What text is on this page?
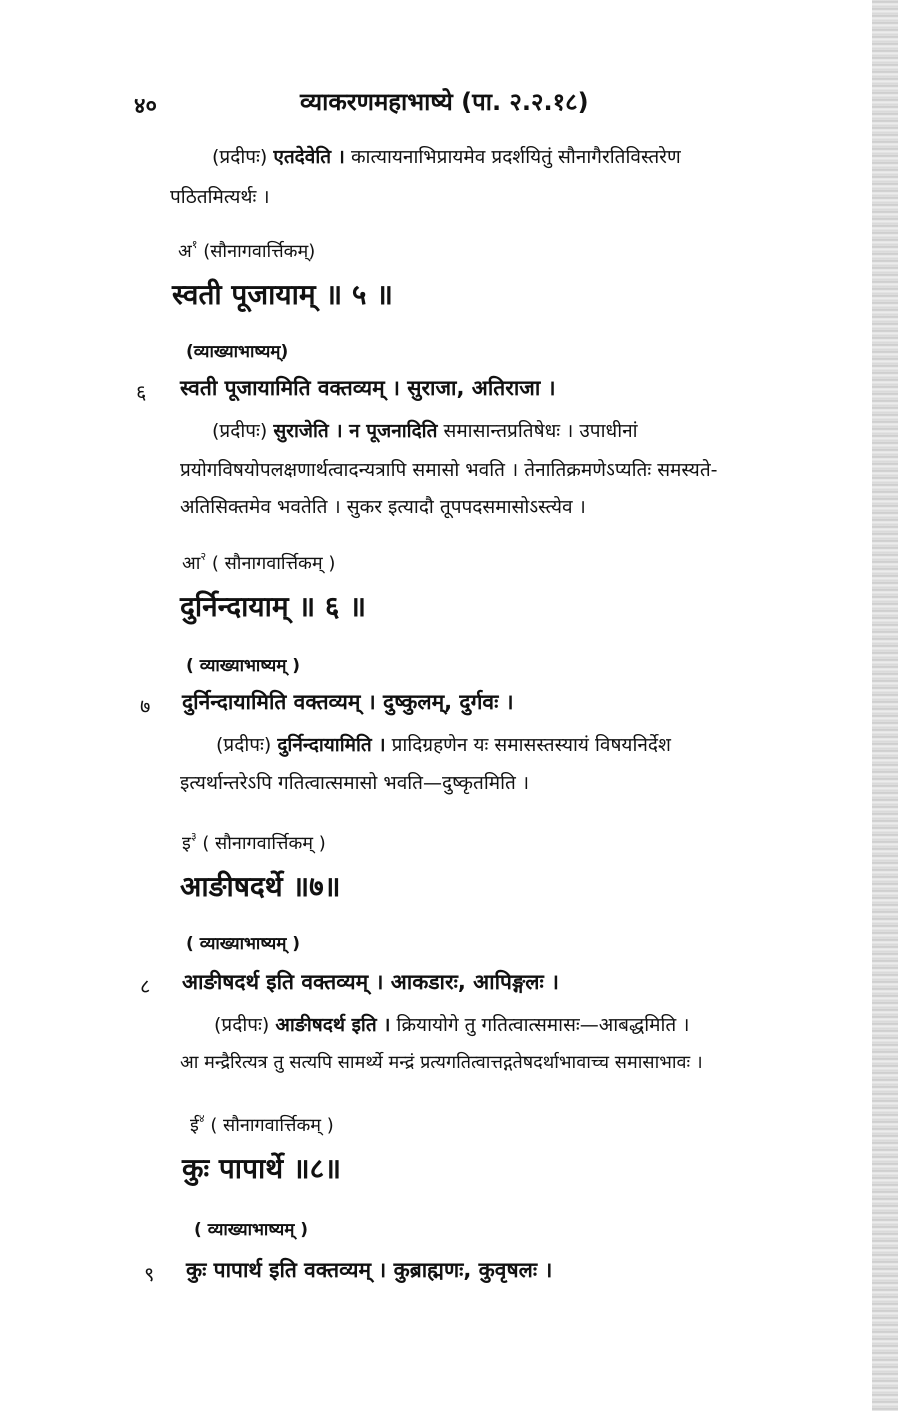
४०	व्याकरणमहाभाष्ये (पा. २.२.१८)
(प्रदीपः) एतदेवेति । कात्यायनाभिप्रायमेव प्रदर्शयितुं सौनागैरतिविस्तरेण
पठितमित्यर्थः ।
अ$^१$ (सौनागवार्त्तिकम्)
स्वती पूजायाम् ॥ ५ ॥
(व्याख्याभाष्यम्)
६ स्वती पूजायामिति वक्तव्यम् । सुराजा, अतिराजा ।
(प्रदीपः) सुराजेति । न पूजनादिति समासान्तप्रतिषेधः । उपाधीनां
प्रयोगविषयोपलक्षणार्थत्वादन्यत्रापि समासो भवति । तेनातिक्रमणेऽप्यतिः समस्यते-
अतिसिक्तमेव भवतेति । सुकर इत्यादौ तूपपदसमासोऽस्त्येव ।
आ$^२$ ( सौनागवार्त्तिकम् )
दुर्निन्दायाम् ॥ ६ ॥
( व्याख्याभाष्यम् )
७ दुर्निन्दायामिति वक्तव्यम् । दुष्कुलम्, दुर्गवः ।
(प्रदीपः) दुर्निन्दायामिति । प्रादिग्रहणेन यः समासस्तस्यायं विषयनिर्देश
इत्यर्थान्तरेऽपि गतित्वात्समासो भवति—दुष्कृतमिति ।
इ$^३$ ( सौनागवार्त्तिकम् )
आङीषदर्थे ॥७॥
( व्याख्याभाष्यम् )
८ आङीषदर्थ इति वक्तव्यम् । आकडारः, आपिङ्गलः ।
(प्रदीपः) आङीषदर्थ इति । क्रियायोगे तु गतित्वात्समासः—आबद्धमिति ।
आ मन्द्रैरित्यत्र तु सत्यपि सामर्थ्ये मन्द्रं प्रत्यगतित्वात्तद्गतेषदर्थाभावाच्च समासाभावः ।
ई$^४$ ( सौनागवार्त्तिकम् )
कुः पापार्थे ॥८॥
( व्याख्याभाष्यम् )
९ कुः पापार्थ इति वक्तव्यम् । कुब्राह्मणः, कुवृषलः ।
